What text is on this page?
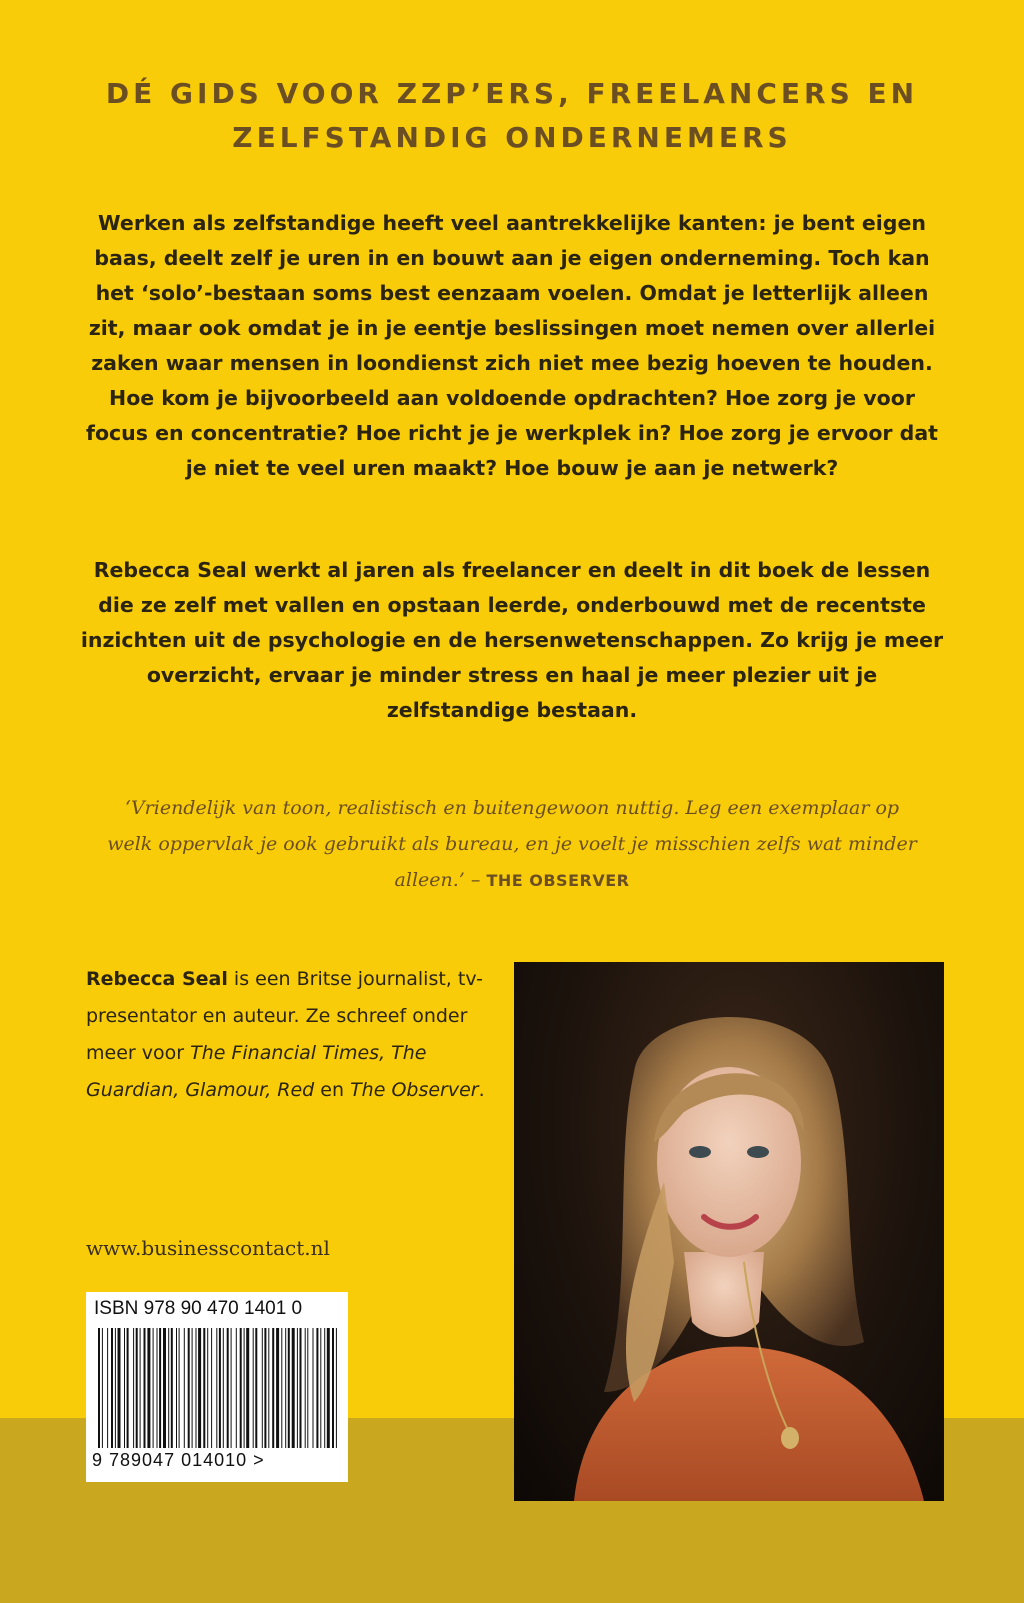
DÉ GIDS VOOR ZZP’ERS, FREELANCERS EN
ZELFSTANDIG ONDERNEMERS

Werken als zelfstandige heeft veel aantrekkelijke kanten: je bent eigen baas, deelt zelf je uren in en bouwt aan je eigen onderneming. Toch kan het ‘solo’-bestaan soms best eenzaam voelen. Omdat je letterlijk alleen zit, maar ook omdat je in je eentje beslissingen moet nemen over allerlei zaken waar mensen in loondienst zich niet mee bezig hoeven te houden. Hoe kom je bijvoorbeeld aan voldoende opdrachten? Hoe zorg je voor focus en concentratie? Hoe richt je je werkplek in? Hoe zorg je ervoor dat je niet te veel uren maakt? Hoe bouw je aan je netwerk?

Rebecca Seal werkt al jaren als freelancer en deelt in dit boek de lessen die ze zelf met vallen en opstaan leerde, onderbouwd met de recentste inzichten uit de psychologie en de hersenwetenschappen. Zo krijg je meer overzicht, ervaar je minder stress en haal je meer plezier uit je zelfstandige bestaan.

‘Vriendelijk van toon, realistisch en buitengewoon nuttig. Leg een exemplaar op welk oppervlak je ook gebruikt als bureau, en je voelt je misschien zelfs wat minder alleen.’ – THE OBSERVER

Rebecca Seal is een Britse journalist, tv-presentator en auteur. Ze schreef onder meer voor The Financial Times, The Guardian, Glamour, Red en The Observer.

www.businesscontact.nl
ISBN 978 90 470 1401 0
9 789047 014010 >
